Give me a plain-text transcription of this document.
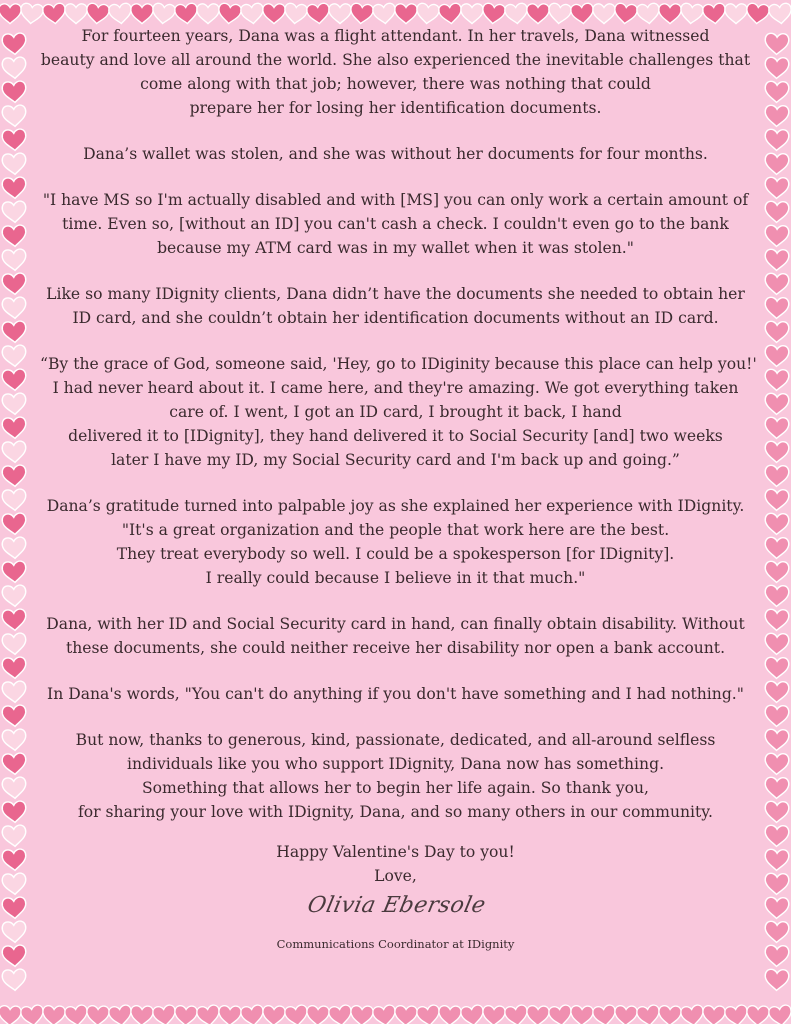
For fourteen years, Dana was a flight attendant. In her travels, Dana witnessed
beauty and love all around the world. She also experienced the inevitable challenges that
come along with that job; however, there was nothing that could
prepare her for losing her identification documents.

Dana’s wallet was stolen, and she was without her documents for four months.

"I have MS so I'm actually disabled and with [MS] you can only work a certain amount of
time. Even so, [without an ID] you can't cash a check. I couldn't even go to the bank
because my ATM card was in my wallet when it was stolen."

Like so many IDignity clients, Dana didn’t have the documents she needed to obtain her
ID card, and she couldn’t obtain her identification documents without an ID card.

“By the grace of God, someone said, 'Hey, go to IDiginity because this place can help you!'
I had never heard about it. I came here, and they're amazing. We got everything taken
care of. I went, I got an ID card, I brought it back, I hand
delivered it to [IDignity], they hand delivered it to Social Security [and] two weeks
later I have my ID, my Social Security card and I'm back up and going.”

Dana’s gratitude turned into palpable joy as she explained her experience with IDignity.
"It's a great organization and the people that work here are the best.
They treat everybody so well. I could be a spokesperson [for IDignity].
I really could because I believe in it that much."

Dana, with her ID and Social Security card in hand, can finally obtain disability. Without
these documents, she could neither receive her disability nor open a bank account.

In Dana's words, "You can't do anything if you don't have something and I had nothing."

But now, thanks to generous, kind, passionate, dedicated, and all-around selfless
individuals like you who support IDignity, Dana now has something.
Something that allows her to begin her life again. So thank you,
for sharing your love with IDignity, Dana, and so many others in our community.

Happy Valentine's Day to you!
Love,
Olivia Ebersole
Communications Coordinator at IDignity
